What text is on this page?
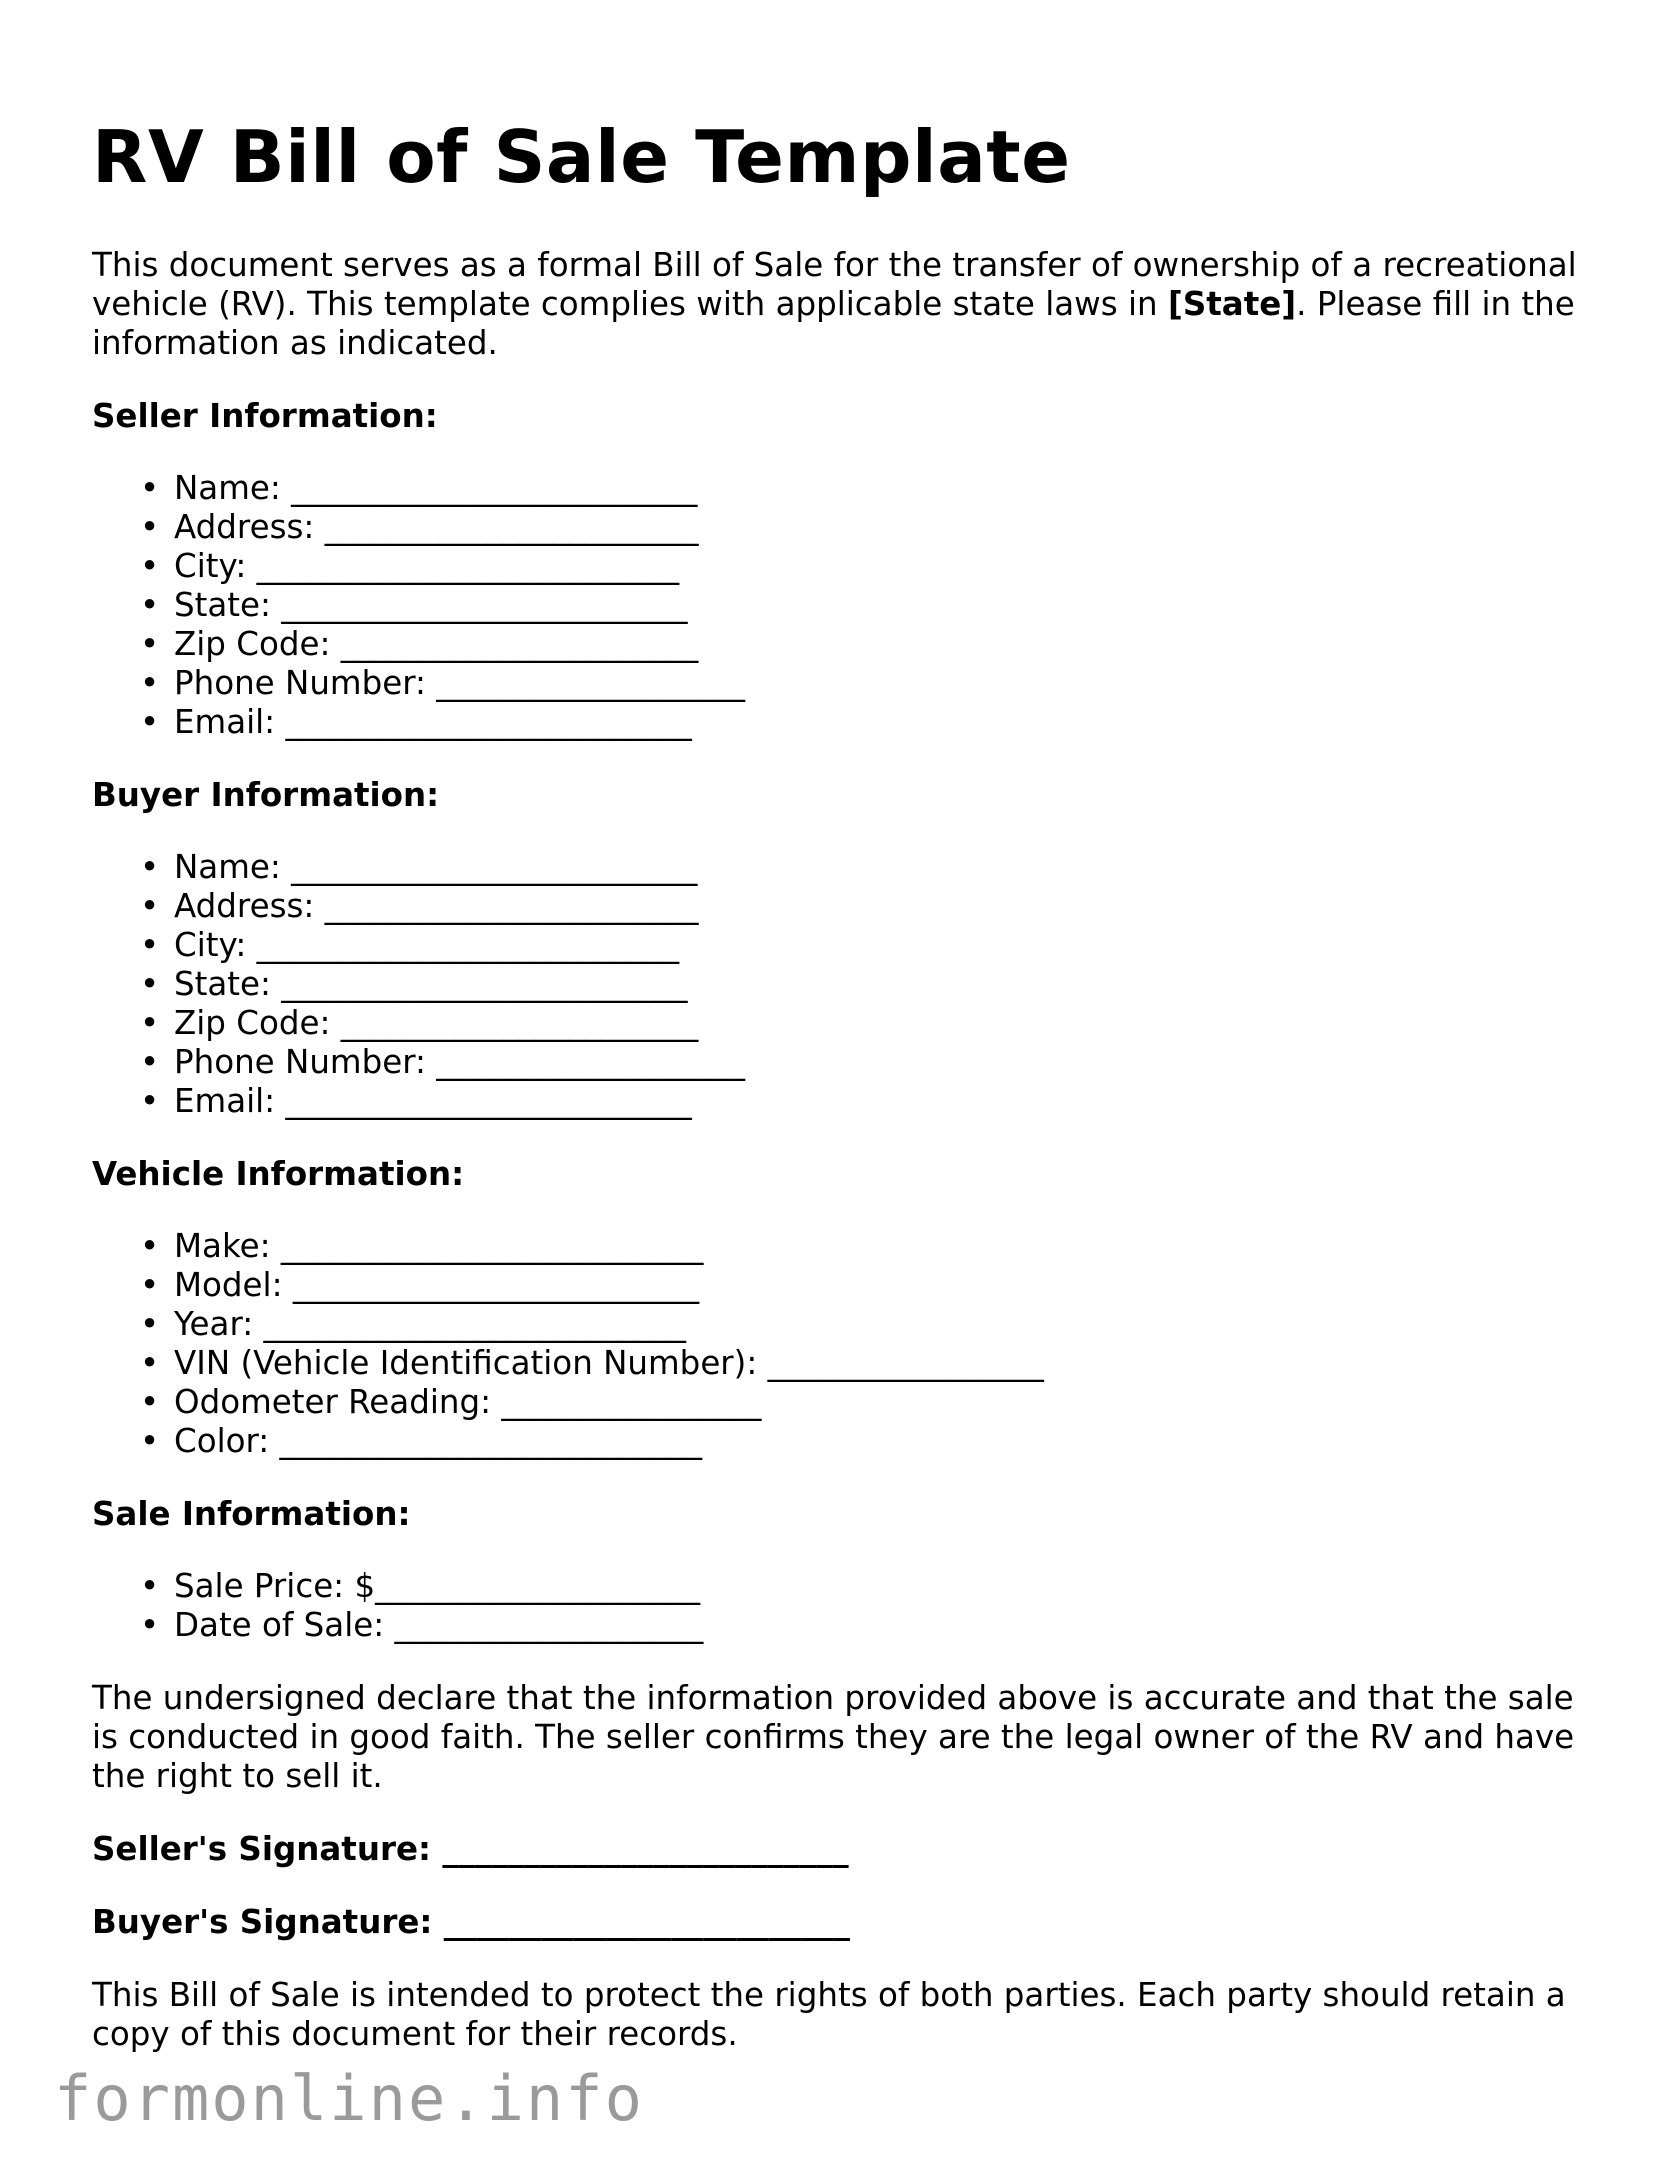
RV Bill of Sale Template

This document serves as a formal Bill of Sale for the transfer of ownership of a recreational vehicle (RV). This template complies with applicable state laws in [State]. Please fill in the information as indicated.

Seller Information:
• Name: _________________________
• Address: _______________________
• City: __________________________
• State: _________________________
• Zip Code: ______________________
• Phone Number: ___________________
• Email: _________________________
Buyer Information:
• Name: _________________________
• Address: _______________________
• City: __________________________
• State: _________________________
• Zip Code: ______________________
• Phone Number: ___________________
• Email: _________________________
Vehicle Information:
• Make: __________________________
• Model: _________________________
• Year: __________________________
• VIN (Vehicle Identification Number): _________________
• Odometer Reading: ________________
• Color: __________________________
Sale Information:
• Sale Price: $____________________
• Date of Sale: ___________________

The undersigned declare that the information provided above is accurate and that the sale is conducted in good faith. The seller confirms they are the legal owner of the RV and have the right to sell it.

Seller's Signature: _________________________

Buyer's Signature: _________________________

This Bill of Sale is intended to protect the rights of both parties. Each party should retain a copy of this document for their records.

formonline.info
